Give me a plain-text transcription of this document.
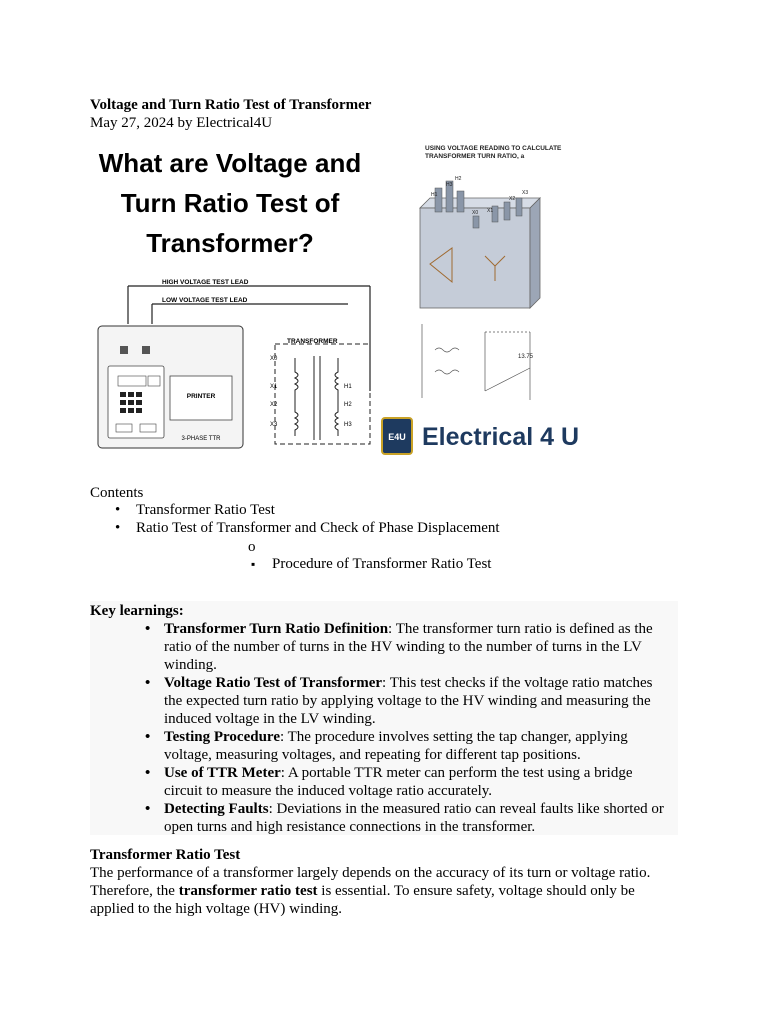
Voltage and Turn Ratio Test of Transformer
May 27, 2024 by Electrical4U
What are Voltage and
Turn Ratio Test of
Transformer?
USING VOLTAGE READING TO CALCULATE
TRANSFORMER TURN RATIO, a
H1
H2
H3
X0 X1
X2
X3
13.75
HIGH VOLTAGE TEST LEAD
LOW VOLTAGE TEST LEAD
PRINTER
3-PHASE TTR
TRANSFORMER
X0
X1
X2
X3
H1
H2
H3
E4U Electrical 4 U
Contents
• Transformer Ratio Test
• Ratio Test of Transformer and Check of Phase Displacement
o
▪ Procedure of Transformer Ratio Test
Key learnings:
• Transformer Turn Ratio Definition: The transformer turn ratio is defined as the
ratio of the number of turns in the HV winding to the number of turns in the LV
winding.
• Voltage Ratio Test of Transformer: This test checks if the voltage ratio matches
the expected turn ratio by applying voltage to the HV winding and measuring the
induced voltage in the LV winding.
• Testing Procedure: The procedure involves setting the tap changer, applying
voltage, measuring voltages, and repeating for different tap positions.
• Use of TTR Meter: A portable TTR meter can perform the test using a bridge
circuit to measure the induced voltage ratio accurately.
• Detecting Faults: Deviations in the measured ratio can reveal faults like shorted or
open turns and high resistance connections in the transformer.
Transformer Ratio Test
The performance of a transformer largely depends on the accuracy of its turn or voltage ratio.
Therefore, the transformer ratio test is essential. To ensure safety, voltage should only be
applied to the high voltage (HV) winding.
